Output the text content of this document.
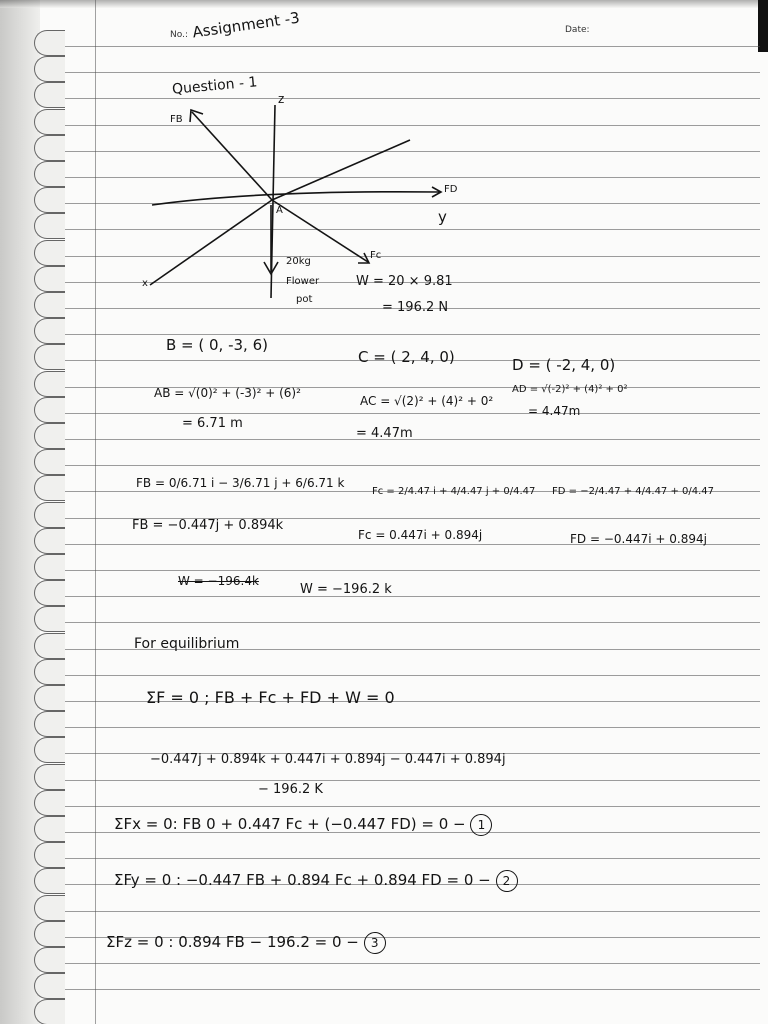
No.: Assignment -3	Date:
Question - 1
z
FB
FD
y
A
Fc
x
20kg
Flower
pot
W = 20 × 9.81
= 196.2 N
B = ( 0, -3, 6)
C = ( 2, 4, 0)	D = ( -2, 4, 0)
AB = √(0)² + (-3)² + (6)²
AC = √(2)² + (4)² + 0²
AD = √(-2)² + (4)² + 0²
= 6.71 m
= 4.47m
= 4.47m
FB = 0/6.71 i − 3/6.71 j + 6/6.71 k
Fc = 2/4.47 i + 4/4.47 j + 0/4.47 FD = −2/4.47 + 4/4.47 + 0/4.47
FB = −0.447j + 0.894k
Fc = 0.447i + 0.894j	FD = −0.447i + 0.894j
W = −196.4k
W = −196.2 k
For equilibrium
ΣF = 0 ; FB + Fc + FD + W = 0
−0.447j + 0.894k + 0.447i + 0.894j − 0.447i + 0.894j
− 196.2 K
ΣFx = 0: FB 0 + 0.447 Fc + (−0.447 FD) = 0 − 1
ΣFy = 0 : −0.447 FB + 0.894 Fc + 0.894 FD = 0 − 2
ΣFz = 0 : 0.894 FB − 196.2 = 0 − 3
